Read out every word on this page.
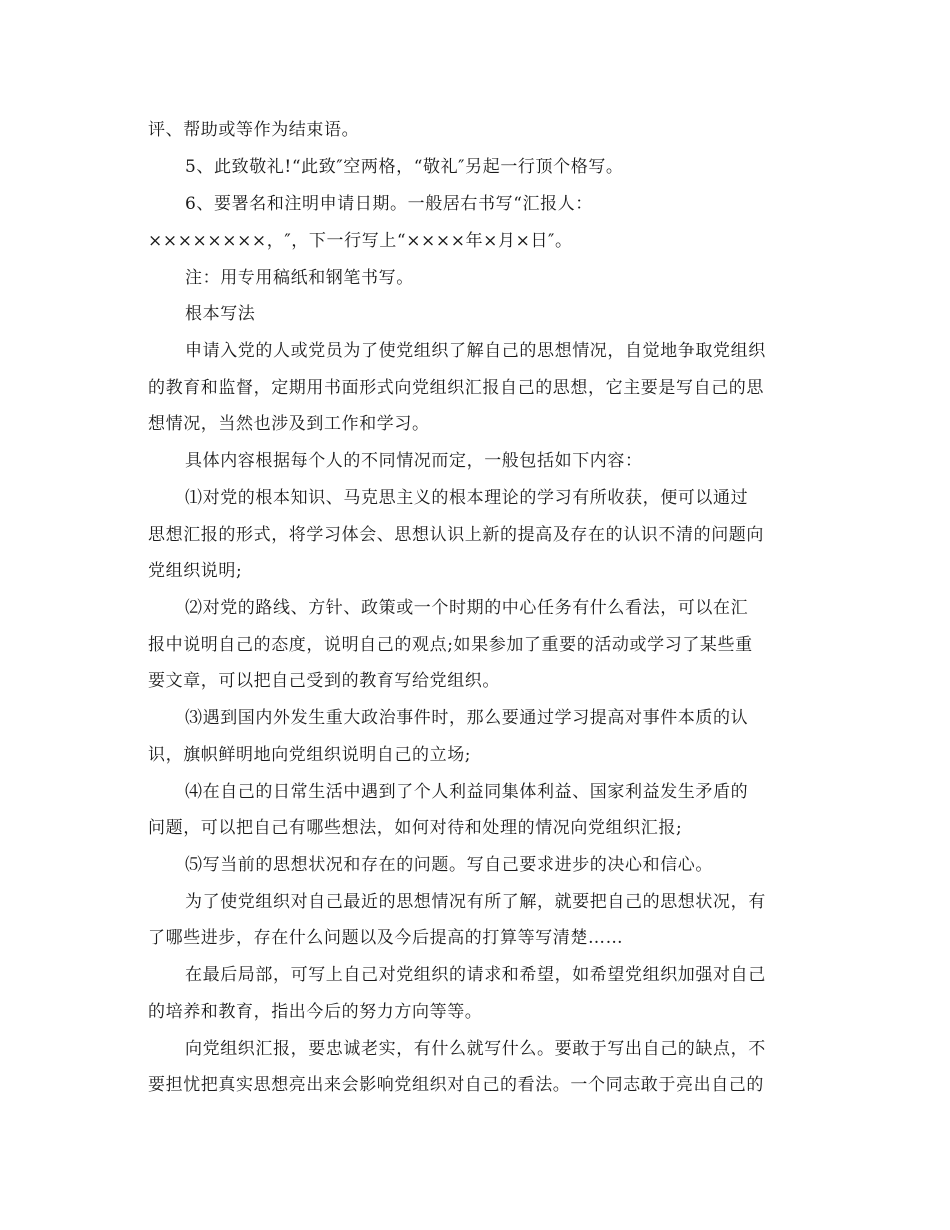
评、帮助或等作为结束语。

5、此致敬礼!“此致″空两格，“敬礼″另起一行顶个格写。

6、要署名和注明申请日期。一般居右书写“汇报人：

××××××××，″，下一行写上“××××年×月×日″。

注：用专用稿纸和钢笔书写。

根本写法

申请入党的人或党员为了使党组织了解自己的思想情况，自觉地争取党组织

的教育和监督，定期用书面形式向党组织汇报自己的思想，它主要是写自己的思

想情况，当然也涉及到工作和学习。

具体内容根据每个人的不同情况而定，一般包括如下内容：

⑴对党的根本知识、马克思主义的根本理论的学习有所收获，便可以通过

思想汇报的形式，将学习体会、思想认识上新的提高及存在的认识不清的问题向

党组织说明;

⑵对党的路线、方针、政策或一个时期的中心任务有什么看法，可以在汇

报中说明自己的态度，说明自己的观点;如果参加了重要的活动或学习了某些重

要文章，可以把自己受到的教育写给党组织。

⑶遇到国内外发生重大政治事件时，那么要通过学习提高对事件本质的认

识，旗帜鲜明地向党组织说明自己的立场;

⑷在自己的日常生活中遇到了个人利益同集体利益、国家利益发生矛盾的

问题，可以把自己有哪些想法，如何对待和处理的情况向党组织汇报;

⑸写当前的思想状况和存在的问题。写自己要求进步的决心和信心。

为了使党组织对自己最近的思想情况有所了解，就要把自己的思想状况，有

了哪些进步，存在什么问题以及今后提高的打算等写清楚……

在最后局部，可写上自己对党组织的请求和希望，如希望党组织加强对自己

的培养和教育，指出今后的努力方向等等。

向党组织汇报，要忠诚老实，有什么就写什么。要敢于写出自己的缺点，不

要担忧把真实思想亮出来会影响党组织对自己的看法。一个同志敢于亮出自己的
